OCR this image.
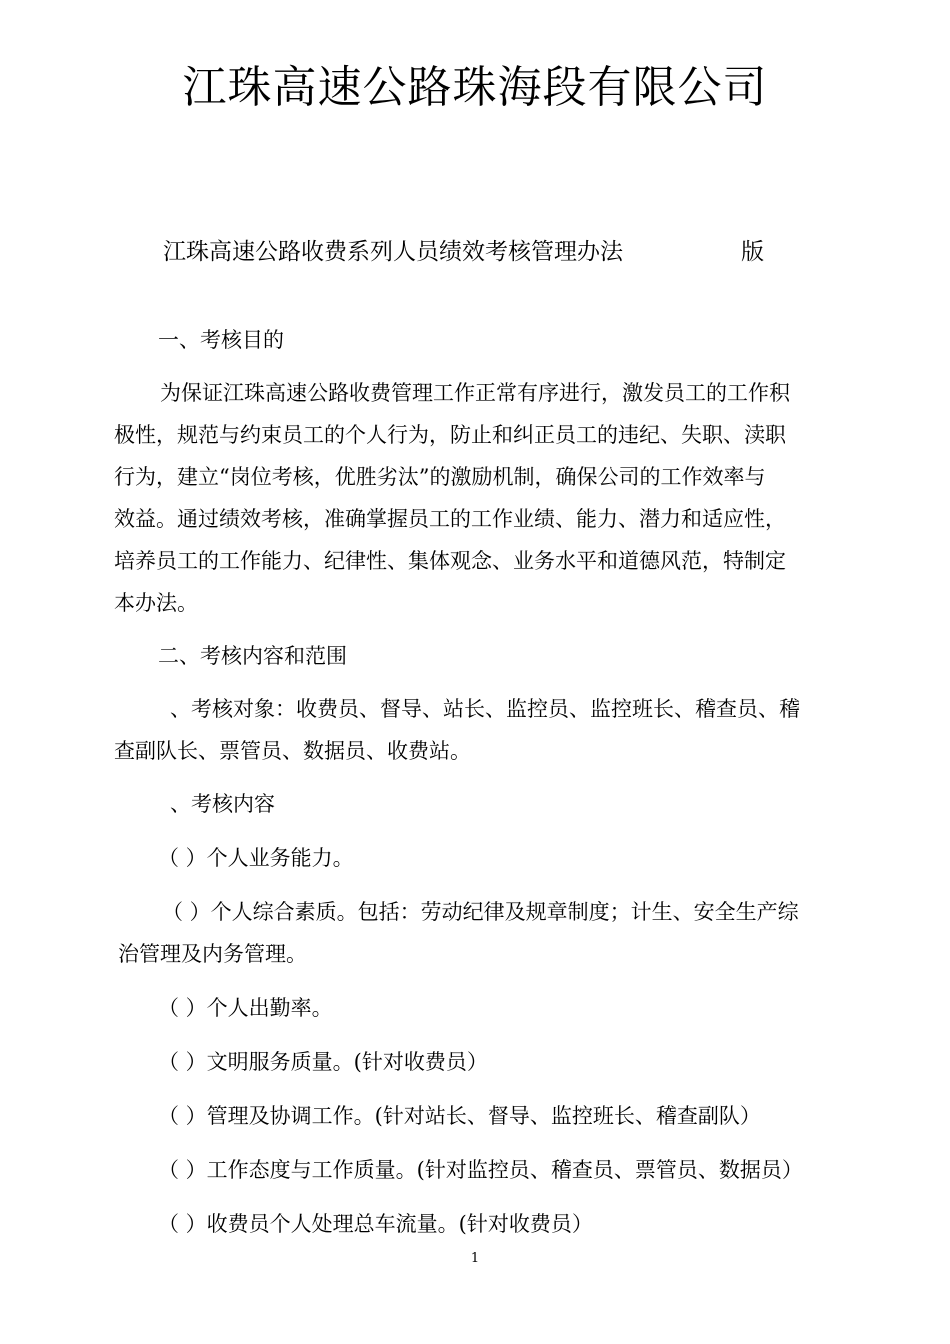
江珠高速公路珠海段有限公司
江珠高速公路收费系列人员绩效考核管理办法	版
一、考核目的
为保证江珠高速公路收费管理工作正常有序进行，激发员工的工作积
极性，规范与约束员工的个人行为，防止和纠正员工的违纪、失职、渎职
行为，建立“岗位考核，优胜劣汰”的激励机制，确保公司的工作效率与
效益。通过绩效考核，准确掌握员工的工作业绩、能力、潜力和适应性，
培养员工的工作能力、纪律性、集体观念、业务水平和道德风范，特制定
本办法。
二、考核内容和范围
、考核对象：收费员、督导、站长、监控员、监控班长、稽查员、稽
查副队长、票管员、数据员、收费站。
、考核内容
（ ）个人业务能力。
（ ）个人综合素质。包括：劳动纪律及规章制度；计生、安全生产综
治管理及内务管理。
（ ）个人出勤率。
（ ）文明服务质量。(针对收费员）
（ ）管理及协调工作。(针对站长、督导、监控班长、稽查副队）
（ ）工作态度与工作质量。(针对监控员、稽查员、票管员、数据员）
（ ）收费员个人处理总车流量。(针对收费员）
1
